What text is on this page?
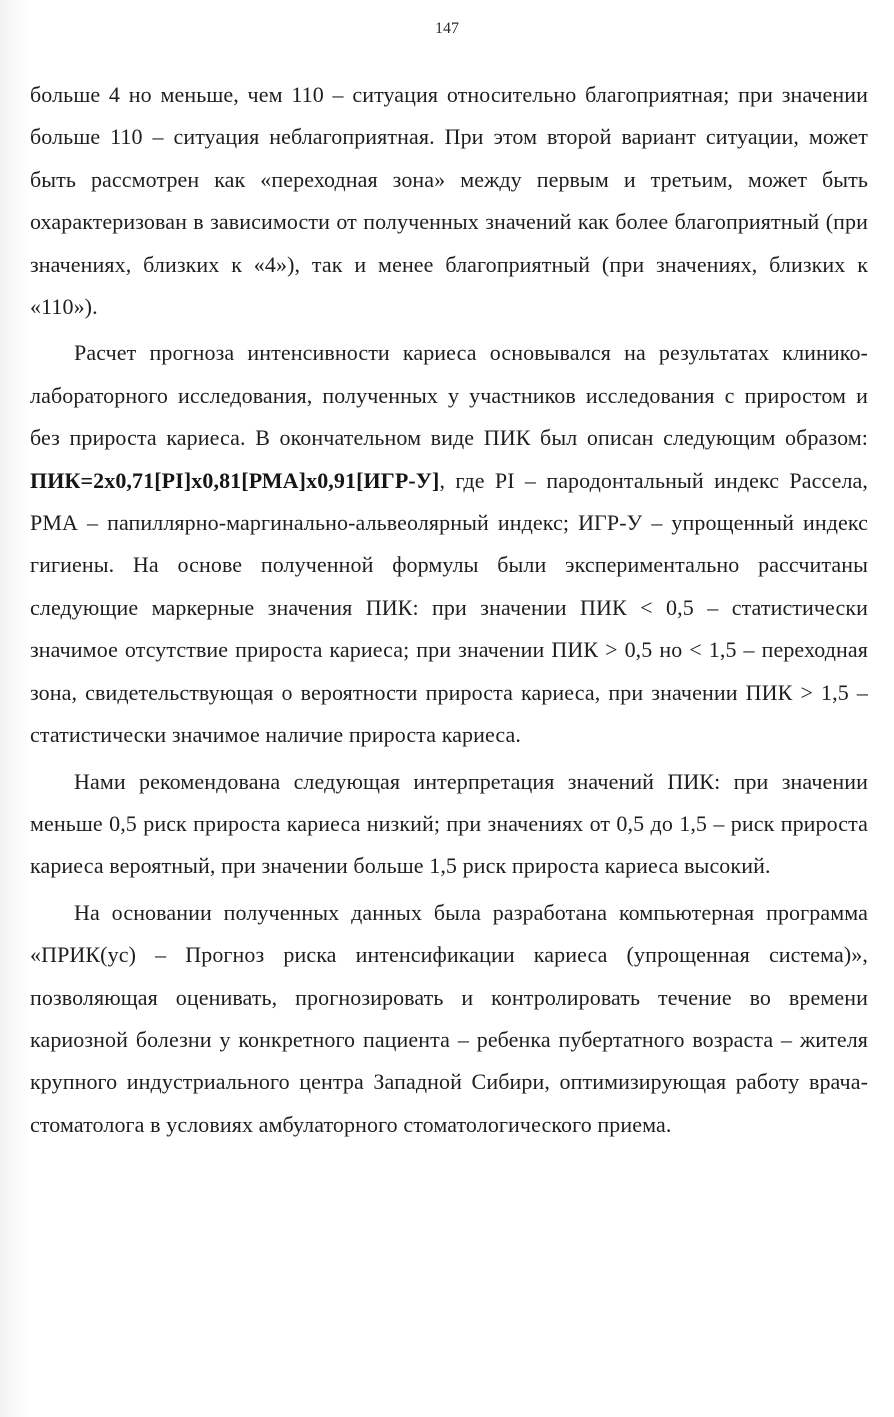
147

больше 4 но меньше, чем 110 – ситуация относительно благоприятная; при значении больше 110 – ситуация неблагоприятная. При этом второй вариант ситуации, может быть рассмотрен как «переходная зона» между первым и третьим, может быть охарактеризован в зависимости от полученных значений как более благоприятный (при значениях, близких к «4»), так и менее благоприятный (при значениях, близких к «110»).

Расчет прогноза интенсивности кариеса основывался на результатах клинико-лабораторного исследования, полученных у участников исследования с приростом и без прироста кариеса. В окончательном виде ПИК был описан следующим образом: ПИК=2х0,71[PI]х0,81[РМА]х0,91[ИГР-У], где PI – пародонтальный индекс Рассела, РМА – папиллярно-маргинально-альвеолярный индекс; ИГР-У – упрощенный индекс гигиены. На основе полученной формулы были экспериментально рассчитаны следующие маркерные значения ПИК: при значении ПИК < 0,5 – статистически значимое отсутствие прироста кариеса; при значении ПИК > 0,5 но < 1,5 – переходная зона, свидетельствующая о вероятности прироста кариеса, при значении ПИК > 1,5 – статистически значимое наличие прироста кариеса.

Нами рекомендована следующая интерпретация значений ПИК: при значении меньше 0,5 риск прироста кариеса низкий; при значениях от 0,5 до 1,5 – риск прироста кариеса вероятный, при значении больше 1,5 риск прироста кариеса высокий.

На основании полученных данных была разработана компьютерная программа «ПРИК(ус) – Прогноз риска интенсификации кариеса (упрощенная система)», позволяющая оценивать, прогнозировать и контролировать течение во времени кариозной болезни у конкретного пациента – ребенка пубертатного возраста – жителя крупного индустриального центра Западной Сибири, оптимизирующая работу врача-стоматолога в условиях амбулаторного стоматологического приема.
